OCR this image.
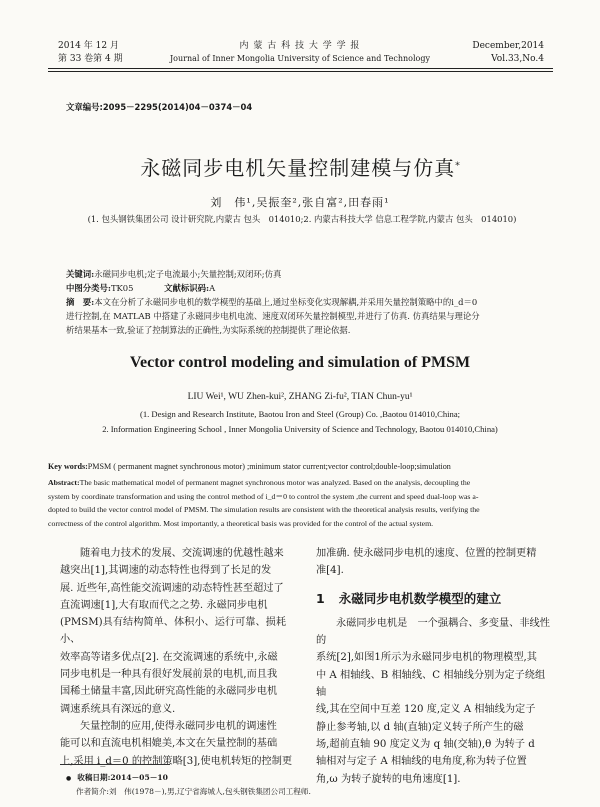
2014 年 12 月
第 33 卷第 4 期
内 蒙 古 科 技 大 学 学 报
Journal of Inner Mongolia University of Science and Technology
December,2014
Vol.33,No.4
文章编号:2095－2295(2014)04－0374－04
永磁同步电机矢量控制建模与仿真*
刘　伟¹,吴振奎²,张自富²,田春雨¹
(1. 包头钢铁集团公司 设计研究院,内蒙古 包头　014010;2. 内蒙古科技大学 信息工程学院,内蒙古 包头　014010)
关键词:永磁同步电机;定子电流最小;矢量控制;双闭环;仿真
中图分类号:TK05	文献标识码:A
摘　要:本文在分析了永磁同步电机的数学模型的基础上,通过坐标变化实现解耦,并采用矢量控制策略中的i_d＝0
进行控制,在 MATLAB 中搭建了永磁同步电机电流、速度双闭环矢量控制模型,并进行了仿真. 仿真结果与理论分
析结果基本一致,验证了控制算法的正确性,为实际系统的控制提供了理论依据.
Vector control modeling and simulation of PMSM
LIU Wei¹, WU Zhen-kui², ZHANG Zi-fu², TIAN Chun-yu¹
(1. Design and Research Institute, Baotou Iron and Steel (Group) Co. ,Baotou 014010,China;
2. Information Engineering School , Inner Mongolia University of Science and Technology, Baotou 014010,China)
Key words:PMSM ( permanent magnet synchronous motor) ;minimum stator current;vector control;double-loop;simulation
Abstract:The basic mathematical model of permanent magnet synchronous motor was analyzed. Based on the analysis, decoupling the
system by coordinate transformation and using the control method of i_d＝0 to control the system ,the current and speed dual-loop was a-
dopted to build the vector control model of PMSM. The simulation results are consistent with the theoretical analysis results, verifying the
correctness of the control algorithm. Most importantly, a theoretical basis was provided for the control of the actual system.
随着电力技术的发展、交流调速的优越性越来
越突出[1],其调速的动态特性也得到了长足的发
展. 近些年,高性能交流调速的动态特性甚至超过了
直流调速[1],大有取而代之之势. 永磁同步电机
(PMSM)具有结构简单、体积小、运行可靠、损耗小、
效率高等诸多优点[2]. 在交流调速的系统中,永磁
同步电机是一种具有很好发展前景的电机,而且我
国稀土储量丰富,因此研究高性能的永磁同步电机
调速系统具有深远的意义.
矢量控制的应用,使得永磁同步电机的调速性
能可以和直流电机相媲美,本文在矢量控制的基础
上,采用 i_d＝0 的控制策略[3],使电机转矩的控制更
加准确. 使永磁同步电机的速度、位置的控制更精
准[4].
1 永磁同步电机数学模型的建立
永磁同步电机是　一个强耦合、多变量、非线性的
系统[2],如图1所示为永磁同步电机的物理模型,其
中 A 相轴线、B 相轴线、C 相轴线分别为定子绕组轴
线,其在空间中互差 120 度,定义 A 相轴线为定子
静止参考轴,以 d 轴(直轴)定义转子所产生的磁
场,超前直轴 90 度定义为 q 轴(交轴),θ 为转子 d
轴相对与定子 A 相轴线的电角度,称为转子位置
角,ω 为转子旋转的电角速度[1].
● 收稿日期:2014－05－10
作者简介:刘　伟(1978－),男,辽宁省海城人,包头钢铁集团公司工程师.
